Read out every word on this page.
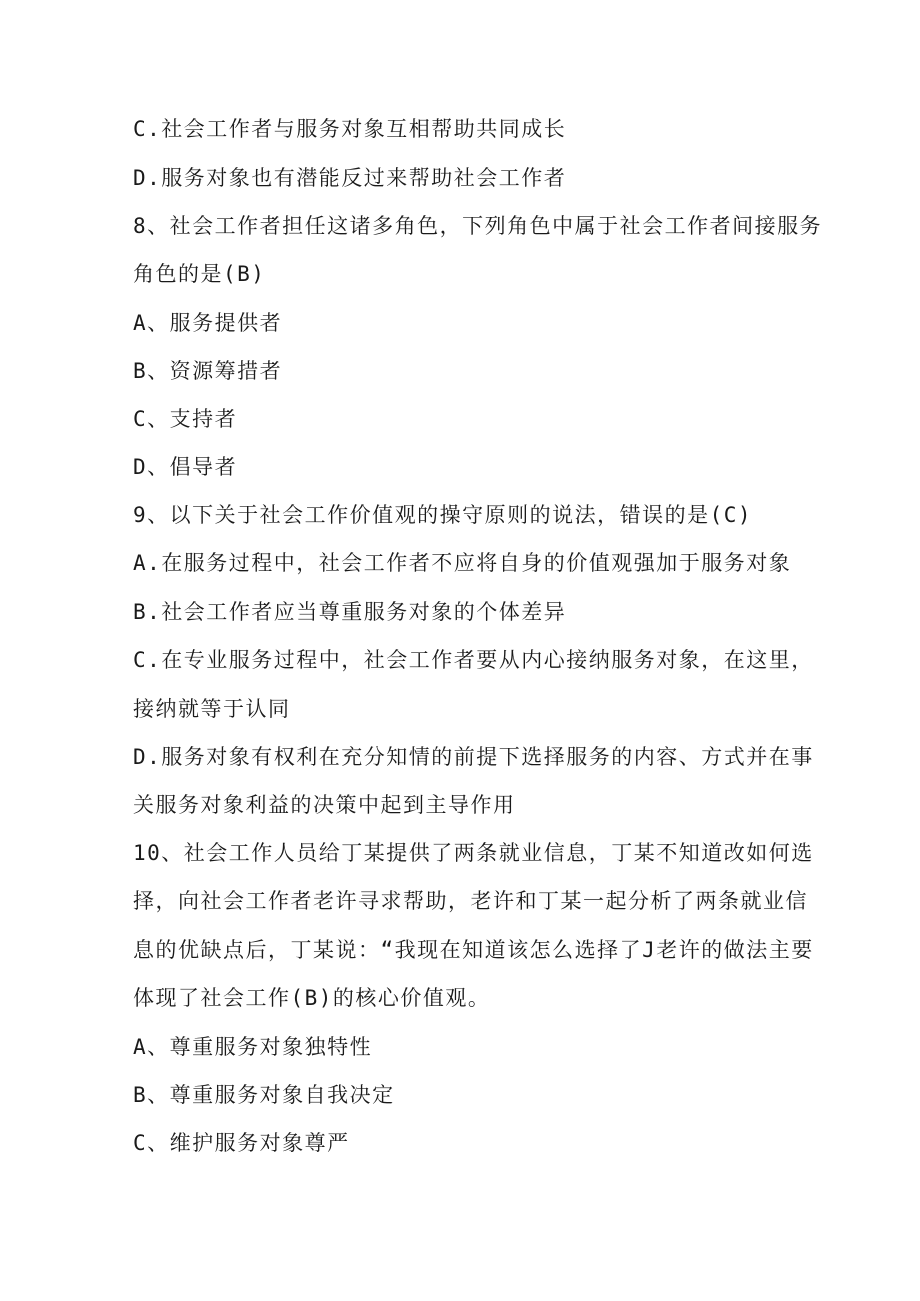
C.社会工作者与服务对象互相帮助共同成长
D.服务对象也有潜能反过来帮助社会工作者
8、社会工作者担任这诸多角色，下列角色中属于社会工作者间接服务
角色的是(B)
A、服务提供者
B、资源筹措者
C、支持者
D、倡导者
9、以下关于社会工作价值观的操守原则的说法，错误的是(C)
A.在服务过程中，社会工作者不应将自身的价值观强加于服务对象
B.社会工作者应当尊重服务对象的个体差异
C.在专业服务过程中，社会工作者要从内心接纳服务对象，在这里，
接纳就等于认同
D.服务对象有权利在充分知情的前提下选择服务的内容、方式并在事
关服务对象利益的决策中起到主导作用
10、社会工作人员给丁某提供了两条就业信息，丁某不知道改如何选
择，向社会工作者老许寻求帮助，老许和丁某一起分析了两条就业信
息的优缺点后，丁某说：“我现在知道该怎么选择了J老许的做法主要
体现了社会工作(B)的核心价值观。
A、尊重服务对象独特性
B、尊重服务对象自我决定
C、维护服务对象尊严
